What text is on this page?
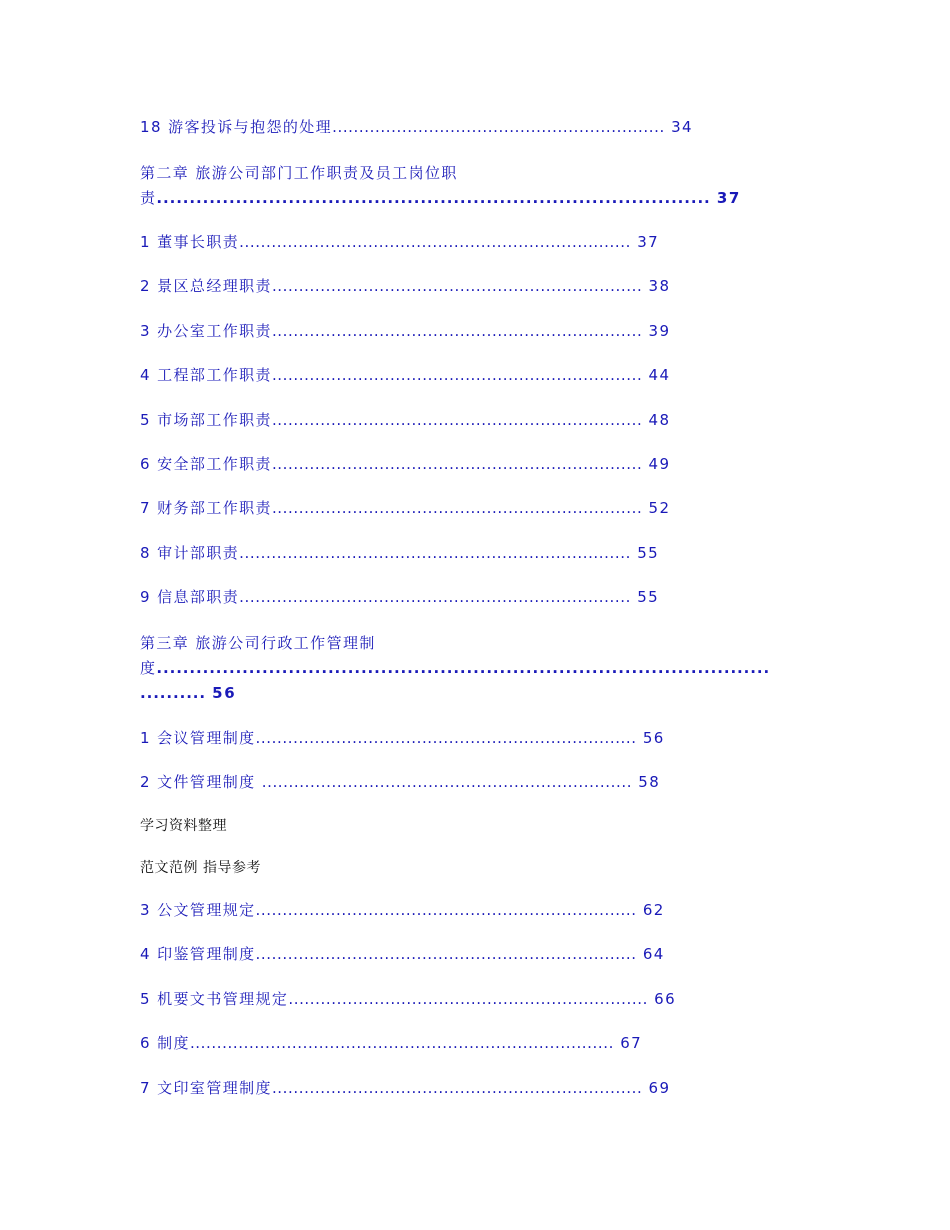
18 游客投诉与抱怨的处理.............................................................. 34
第二章 旅游公司部门工作职责及员工岗位职
责.................................................................................... 37
1 董事长职责......................................................................... 37
2 景区总经理职责..................................................................... 38
3 办公室工作职责..................................................................... 39
4 工程部工作职责..................................................................... 44
5 市场部工作职责..................................................................... 48
6 安全部工作职责..................................................................... 49
7 财务部工作职责..................................................................... 52
8 审计部职责......................................................................... 55
9 信息部职责......................................................................... 55
第三章 旅游公司行政工作管理制
度.............................................................................................
.......... 56
1 会议管理制度....................................................................... 56
2 文件管理制度 ..................................................................... 58
学习资料整理
范文范例 指导参考
3 公文管理规定....................................................................... 62
4 印鉴管理制度....................................................................... 64
5 机要文书管理规定................................................................... 66
6 制度............................................................................... 67
7 文印室管理制度..................................................................... 69
